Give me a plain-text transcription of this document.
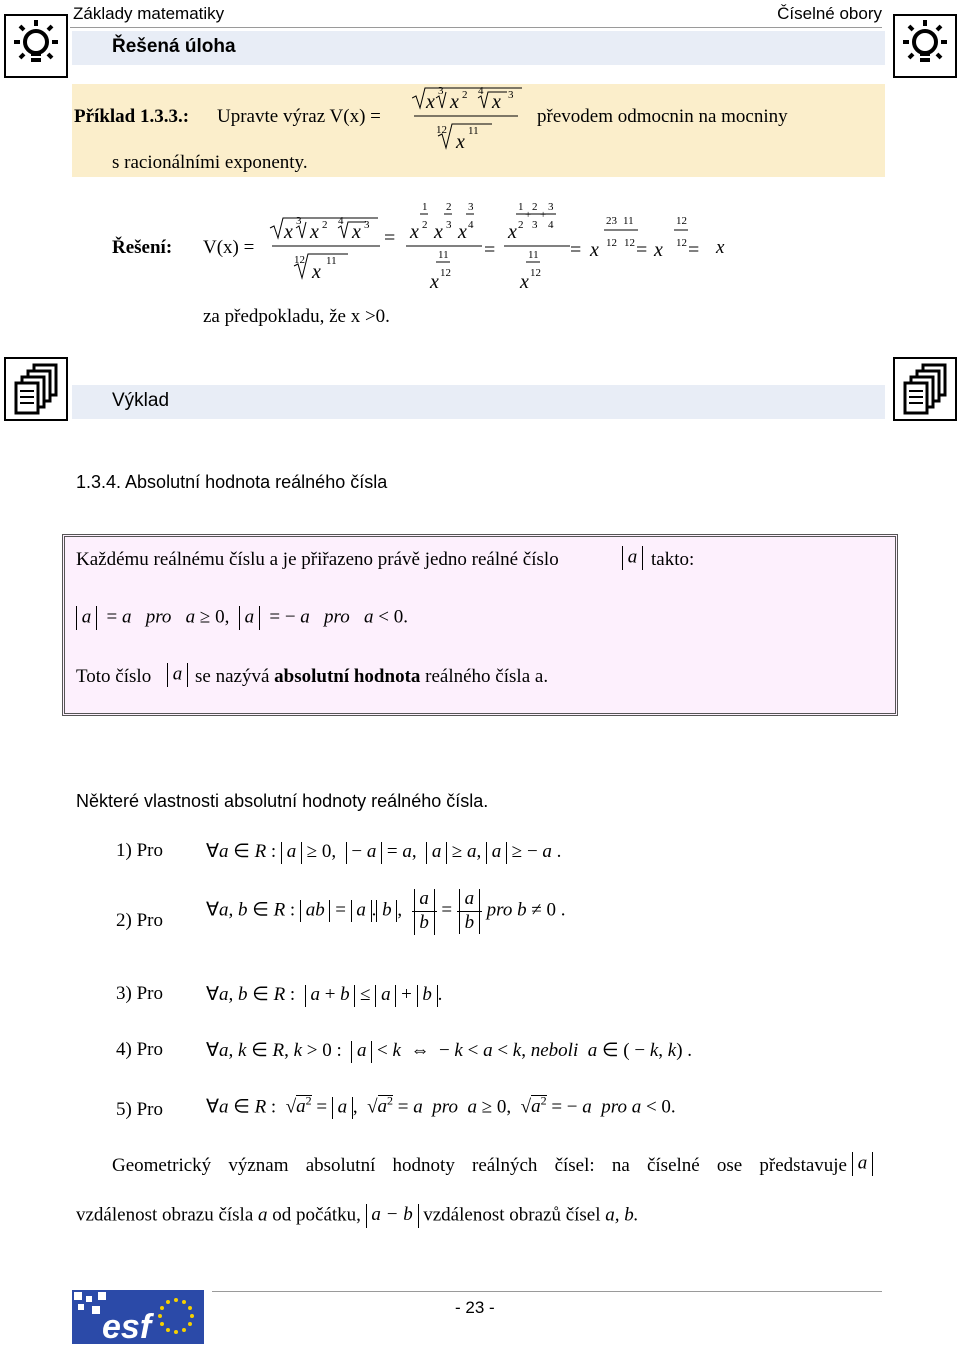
Základy matematiky	Číselné obory
Řešená úloha
Příklad 1.3.3.: Upravte výraz V(x) =
x x x
x
3 2 4 3
12 11
převodem odmocnin na mocniny
s racionálními exponenty.
Řešení: V(x) =
x x x
x
= x x x
x
=
x
x
= x = x =
3 2 4 3
12 11
1 2 3
2 3 4
11
12
1 2 3
+ +
2 3 4
11
12
23 11
12 12
12
12 x
za předpokladu, že x >0.
Výklad
1.3.4. Absolutní hodnota reálného čísla
Každému reálnému číslu a je přiřazeno právě jedno reálné číslo	a takto:
a   = a   pro   a ≥ 0,   a   = − a   pro   a < 0.
Toto číslo a se nazývá absolutní hodnota reálného čísla a.
Některé vlastnosti absolutní hodnoty reálného čísla.
1) Pro ∀a ∈ R :  a  ≥ 0,   − a  = a,   a  ≥ a,  a  ≥ − a .
2) Pro ∀a, b ∈ R :  ab  =  a . b , $\frac{a}{b} = \frac{a}{b}$ pro b ≠ 0 .
3) Pro ∀a, b ∈ R :   a + b  ≤  a  +  b .
4) Pro ∀a, k ∈ R, k > 0 :   a  < k  ⇔  − k < a < k, neboli  a ∈ ( − k, k) .
5) Pro ∀a ∈ R :  $√a^2 = a$ ,  $√a^2 = a$  pro  a ≥ 0,  $√a^2$ = − a  pro a < 0.
Geometrický význam absolutní hodnoty reálných čísel: na číselné ose představuje a
vzdálenost obrazu čísla a od počátku,  a − b  vzdálenost obrazů čísel a, b.
esf
- 23 -
